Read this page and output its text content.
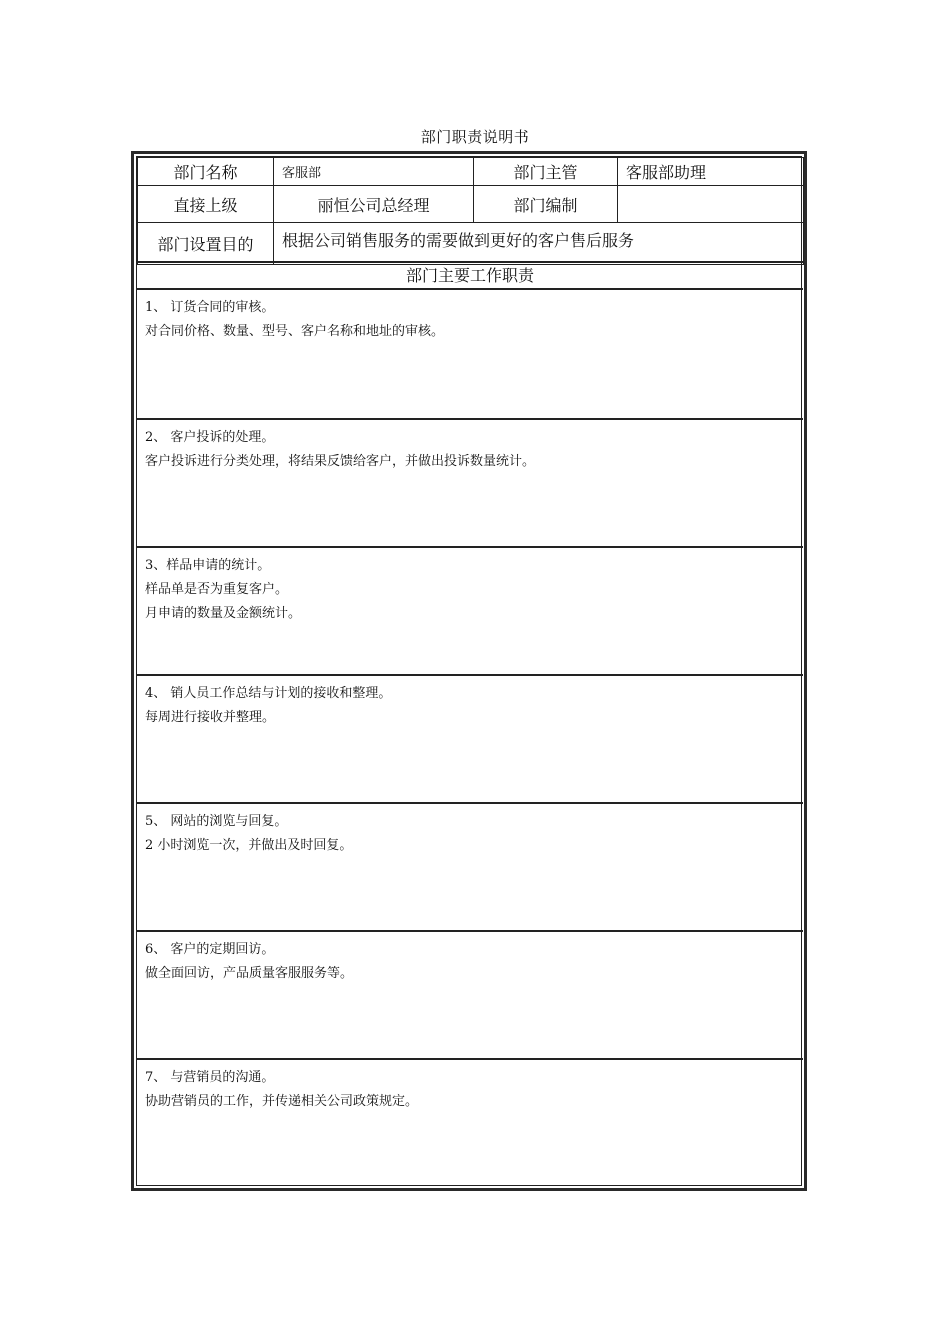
部门职责说明书
部门名称	客服部	部门主管	客服部助理
直接上级	丽恒公司总经理	部门编制	
部门设置目的	根据公司销售服务的需要做到更好的客户售后服务		
部门主要工作职责
1、 订货合同的审核。
对合同价格、数量、型号、客户名称和地址的审核。
2、 客户投诉的处理。
客户投诉进行分类处理，将结果反馈给客户，并做出投诉数量统计。
3、样品申请的统计。
样品单是否为重复客户。
月申请的数量及金额统计。
4、 销人员工作总结与计划的接收和整理。
每周进行接收并整理。
5、 网站的浏览与回复。
2 小时浏览一次，并做出及时回复。
6、 客户的定期回访。
做全面回访，产品质量客服服务等。
7、 与营销员的沟通。
协助营销员的工作，并传递相关公司政策规定。
